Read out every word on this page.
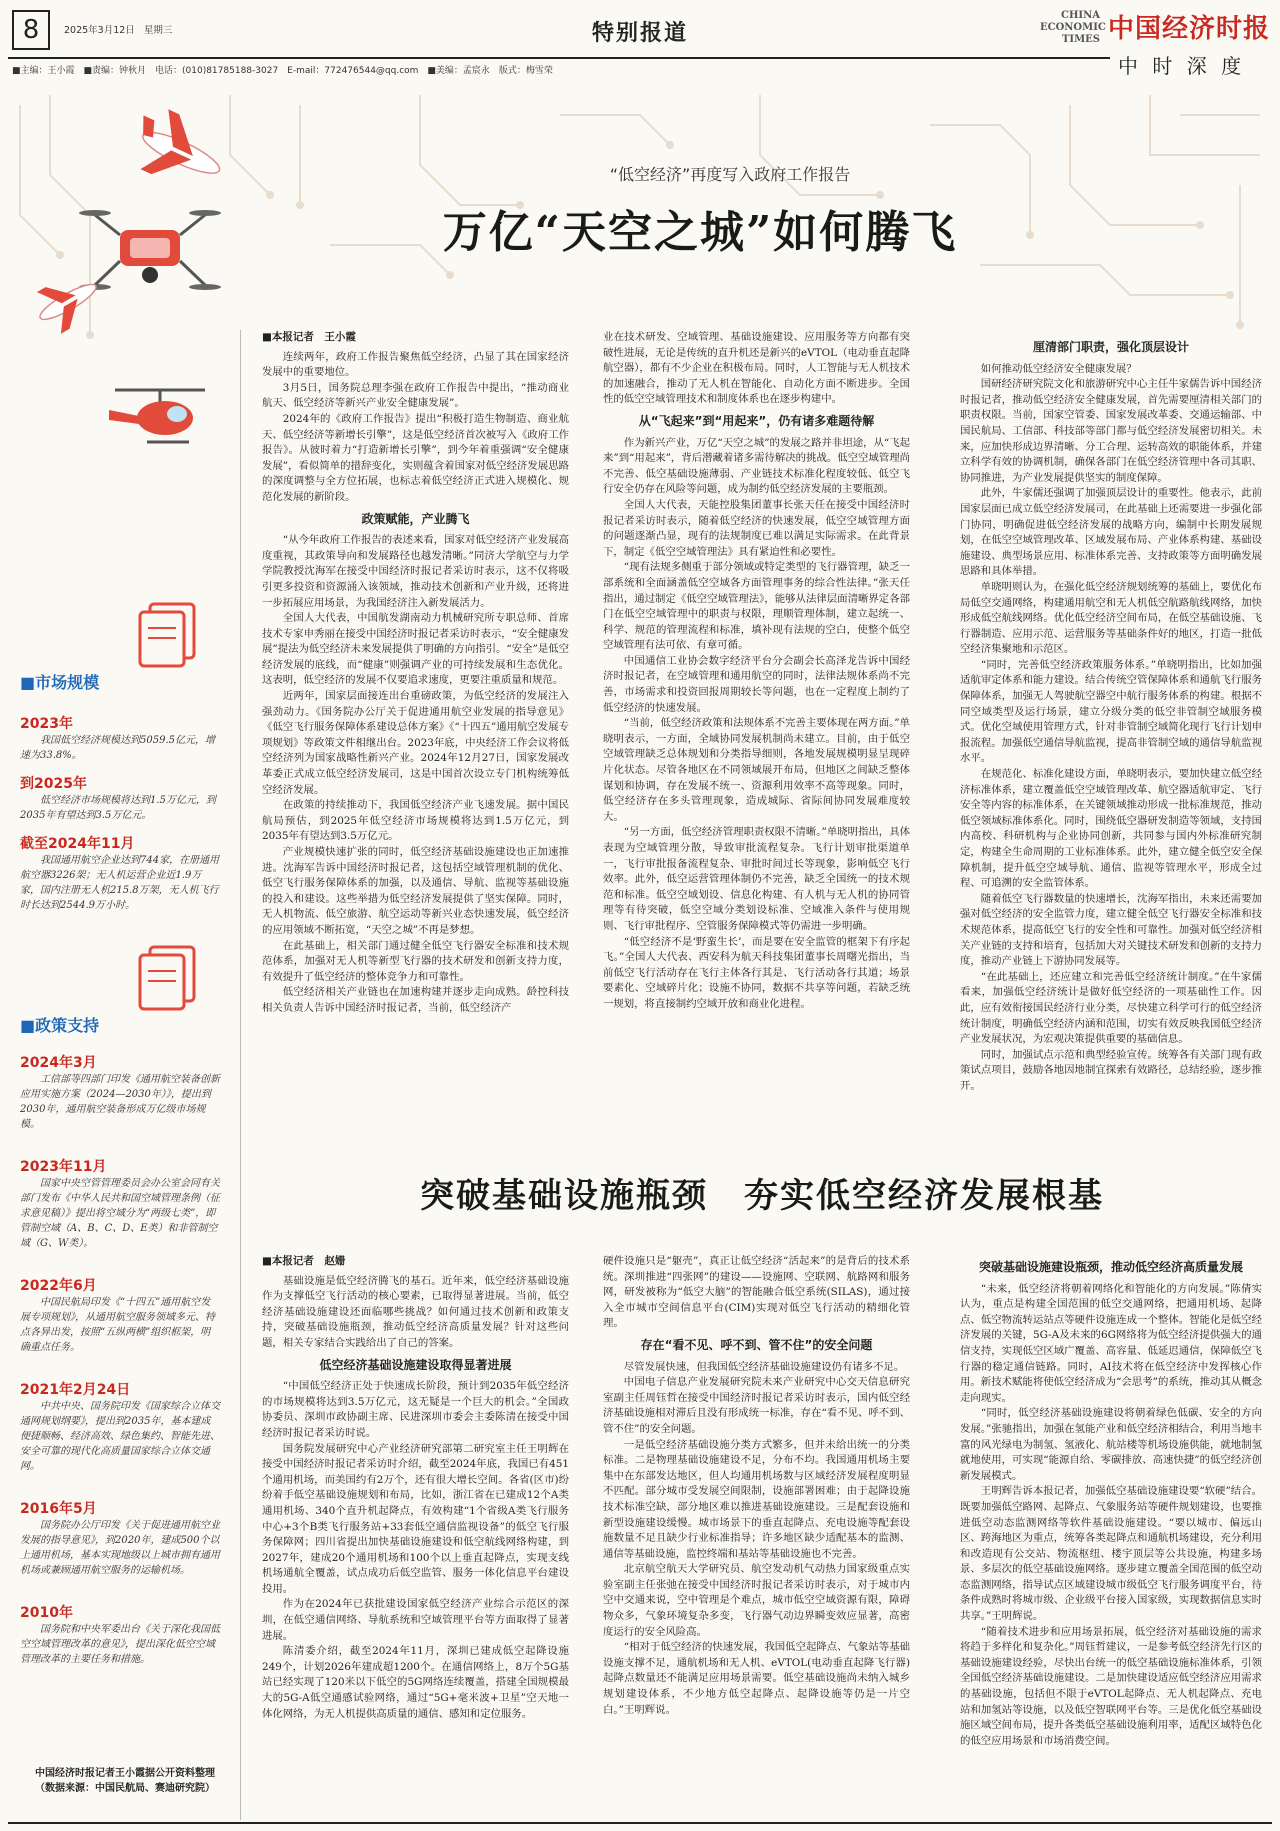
8	2025年3月12日 星期三	特别报道
CHINA
ECONOMIC
TIMES 中国经济时报
中 时 深 度
■主编：王小霞　■责编：钟秋月　电话：(010)81785188-3027　E-mail：772476544@qq.com　■美编：孟宸永　版式：梅雪荣
“低空经济”再度写入政府工作报告
万亿“天空之城”如何腾飞
■市场规模
2023年
我国低空经济规模达到5059.5亿元，增速为33.8%。
到2025年
低空经济市场规模将达到1.5万亿元，到2035年有望达到3.5万亿元。
截至2024年11月
我国通用航空企业达到744家，在册通用航空器3226架；无人机运营企业近1.9万家，国内注册无人机215.8万架，无人机飞行时长达到2544.9万小时。
■政策支持
2024年3月
工信部等四部门印发《通用航空装备创新应用实施方案（2024—2030年）》，提出到2030年，通用航空装备形成万亿级市场规模。
2023年11月
国家中央空管管理委员会办公室会同有关部门发布《中华人民共和国空域管理条例（征求意见稿）》提出将空域分为“两级七类”，即管制空域（A、B、C、D、E类）和非管制空域（G、W类）。
2022年6月
中国民航局印发《“十四五”通用航空发展专项规划》，从通用航空服务领域多元、特点各异出发，按照“五纵两横”组织框架，明确重点任务。
2021年2月24日
中共中央、国务院印发《国家综合立体交通网规划纲要》，提出到2035年，基本建成便捷顺畅、经济高效、绿色集约、智能先进、安全可靠的现代化高质量国家综合立体交通网。
2016年5月
国务院办公厅印发《关于促进通用航空业发展的指导意见》，到2020年，建成500个以上通用机场，基本实现地级以上城市拥有通用机场或兼顾通用航空服务的运输机场。
2010年
国务院和中央军委出台《关于深化我国低空空域管理改革的意见》，提出深化低空空域管理改革的主要任务和措施。
中国经济时报记者王小霞据公开资料整理
（数据来源：中国民航局、赛迪研究院）
■本报记者　王小霞

连续两年，政府工作报告聚焦低空经济，凸显了其在国家经济发展中的重要地位。

3月5日，国务院总理李强在政府工作报告中提出，“推动商业航天、低空经济等新兴产业安全健康发展”。

2024年的《政府工作报告》提出“积极打造生物制造、商业航天、低空经济等新增长引擎”，这是低空经济首次被写入《政府工作报告》。从彼时着力“打造新增长引擎”，到今年着重强调“安全健康发展”，看似简单的措辞变化，实则蕴含着国家对低空经济发展思路的深度调整与全方位拓展，也标志着低空经济正式进入规模化、规范化发展的新阶段。

政策赋能，产业腾飞

“从今年政府工作报告的表述来看，国家对低空经济产业发展高度重视，其政策导向和发展路径也越发清晰。”同济大学航空与力学学院教授沈海军在接受中国经济时报记者采访时表示，这不仅将吸引更多投资和资源涌入该领域，推动技术创新和产业升级，还将进一步拓展应用场景，为我国经济注入新发展活力。

全国人大代表，中国航发湖南动力机械研究所专职总师、首席技术专家申秀丽在接受中国经济时报记者采访时表示，“安全健康发展”提法为低空经济未来发展提供了明确的方向指引。“安全”是低空经济发展的底线，而“健康”则强调产业的可持续发展和生态优化。这表明，低空经济的发展不仅要追求速度，更要注重质量和规范。

近两年，国家层面接连出台重磅政策，为低空经济的发展注入强劲动力。《国务院办公厅关于促进通用航空业发展的指导意见》《低空飞行服务保障体系建设总体方案》《“十四五”通用航空发展专项规划》等政策文件相继出台。2023年底，中央经济工作会议将低空经济列为国家战略性新兴产业。2024年12月27日，国家发展改革委正式成立低空经济发展司，这是中国首次设立专门机构统筹低空经济发展。

在政策的持续推动下，我国低空经济产业飞速发展。据中国民航局预估，到2025年低空经济市场规模将达到1.5万亿元，到2035年有望达到3.5万亿元。

产业规模快速扩张的同时，低空经济基础设施建设也正加速推进。沈海军告诉中国经济时报记者，这包括空域管理机制的优化、低空飞行服务保障体系的加强，以及通信、导航、监视等基础设施的投入和建设。这些举措为低空经济发展提供了坚实保障。同时，无人机物流、低空旅游、航空运动等新兴业态快速发展，低空经济的应用领域不断拓宽，“天空之城”不再是梦想。

在此基础上，相关部门通过健全低空飞行器安全标准和技术规范体系，加强对无人机等新型飞行器的技术研发和创新支持力度，有效提升了低空经济的整体竞争力和可靠性。

低空经济相关产业链也在加速构建并逐步走向成熟。龄控科技相关负责人告诉中国经济时报记者，当前，低空经济产

业在技术研发、空域管理、基础设施建设、应用服务等方向都有突破性进展，无论是传统的直升机还是新兴的eVTOL（电动垂直起降航空器），都有不少企业在积极布局。同时，人工智能与无人机技术的加速融合，推动了无人机在智能化、自动化方面不断进步。全国性的低空空域管理技术和制度体系也在逐步构建中。

从“飞起来”到“用起来”，仍有诸多难题待解

作为新兴产业，万亿“天空之城”的发展之路并非坦途，从“飞起来”到“用起来”，背后潜藏着诸多需待解决的挑战。低空空域管理尚不完善、低空基础设施薄弱、产业链技术标准化程度较低、低空飞行安全仍存在风险等问题，成为制约低空经济发展的主要瓶颈。

全国人大代表，天能控股集团董事长张天任在接受中国经济时报记者采访时表示，随着低空经济的快速发展，低空空域管理方面的问题逐渐凸显，现有的法规制度已难以满足实际需求。在此背景下，制定《低空空域管理法》具有紧迫性和必要性。

“现有法规多侧重于部分领域或特定类型的飞行器管理，缺乏一部系统和全面涵盖低空空域各方面管理事务的综合性法律。”张天任指出，通过制定《低空空域管理法》，能够从法律层面清晰界定各部门在低空空域管理中的职责与权限，理顺管理体制，建立起统一、科学、规范的管理流程和标准，填补现有法规的空白，使整个低空空域管理有法可依、有章可循。

中国通信工业协会数字经济平台分会副会长高泽龙告诉中国经济时报记者，在空域管理和通用航空的同时，法律法规体系尚不完善，市场需求和投资回报周期较长等问题，也在一定程度上制约了低空经济的快速发展。

“当前，低空经济政策和法规体系不完善主要体现在两方面。”单晓明表示，一方面，全域协同发展机制尚未建立。目前，由于低空空域管理缺乏总体规划和分类指导细则，各地发展规模明显呈现碎片化状态。尽管各地区在不同领域展开布局，但地区之间缺乏整体谋划和协调，存在发展不统一、资源利用效率不高等现象。同时，低空经济存在多头管理现象，造成城际、省际间协同发展难度较大。

“另一方面，低空经济管理职责权限不清晰。”单晓明指出，具体表现为空域管理分散，导致审批流程复杂。飞行计划审批渠道单一，飞行审批报备流程复杂、审批时间过长等现象，影响低空飞行效率。此外，低空运营管理体制仍不完善，缺乏全国统一的技术规范和标准。低空空域划设、信息化构建、有人机与无人机的协同管理等有待突破，低空空域分类划设标准、空域准入条件与使用规则、飞行审批程序、空管服务保障模式等仍需进一步明确。

“低空经济不是‘野蛮生长’，而是要在安全监管的框架下有序起飞。”全国人大代表、西安科为航天科技集团董事长周曙光指出，当前低空飞行活动存在飞行主体各行其是、飞行活动各行其道；场景要素化、空域碎片化；设施不协同，数据不共享等问题，若缺乏统一规划，将直接制约空域开放和商业化进程。

厘清部门职责，强化顶层设计

如何推动低空经济安全健康发展？

国研经济研究院文化和旅游研究中心主任牛家儒告诉中国经济时报记者，推动低空经济安全健康发展，首先需要厘清相关部门的职责权限。当前，国家空管委、国家发展改革委、交通运输部、中国民航局、工信部、科技部等部门都与低空经济发展密切相关。未来，应加快形成边界清晰、分工合理、运转高效的职能体系，并建立科学有效的协调机制，确保各部门在低空经济管理中各司其职、协同推进，为产业发展提供坚实的制度保障。

此外，牛家儒还强调了加强顶层设计的重要性。他表示，此前国家层面已成立低空经济发展司，在此基础上还需要进一步强化部门协同，明确促进低空经济发展的战略方向，编制中长期发展规划，在低空空域管理改革、区域发展布局、产业体系构建、基础设施建设、典型场景应用、标准体系完善、支持政策等方面明确发展思路和具体举措。

单晓明则认为，在强化低空经济规划统筹的基础上，要优化布局低空交通网络，构建通用航空和无人机低空航路航线网络，加快形成低空航线网络。优化低空经济空间布局，在低空基础设施、飞行器制造、应用示范、运营服务等基础条件好的地区，打造一批低空经济集聚地和示范区。

“同时，完善低空经济政策服务体系。”单晓明指出，比如加强适航审定体系和能力建设。结合传统空管保障体系和通航飞行服务保障体系，加强无人驾驶航空器空中航行服务体系的构建。根据不同空域类型及运行场景，建立分级分类的低空非管制空域服务模式。优化空域使用管理方式，针对非管制空域简化现行飞行计划申报流程。加强低空通信导航监视，提高非管制空域的通信导航监视水平。

在规范化、标准化建设方面，单晓明表示，要加快建立低空经济标准体系，建立覆盖低空空域管理改革、航空器适航审定、飞行安全等内容的标准体系，在关键领域推动形成一批标准规范，推动低空领域标准体系化。同时，围绕低空器研发制造等领域，支持国内高校、科研机构与企业协同创新，共同参与国内外标准研究制定，构建全生命周期的工业标准体系。此外，建立健全低空安全保障机制，提升低空空域导航、通信、监视等管理水平，形成全过程、可追溯的安全监管体系。

随着低空飞行器数量的快速增长，沈海军指出，未来还需要加强对低空经济的安全监管力度，建立健全低空飞行器安全标准和技术规范体系，提高低空飞行的安全性和可靠性。加强对低空经济相关产业链的支持和培育，包括加大对关键技术研发和创新的支持力度，推动产业链上下游协同发展等。

“在此基础上，还应建立和完善低空经济统计制度。”在牛家儒看来，加强低空经济统计是做好低空经济的一项基础性工作。因此，应有效衔接国民经济行业分类，尽快建立科学可行的低空经济统计制度，明确低空经济内涵和范围，切实有效反映我国低空经济产业发展状况，为宏观决策提供重要的基础信息。

同时，加强试点示范和典型经验宣传。统筹各有关部门现有政策试点项目，鼓励各地因地制宜探索有效路径，总结经验，逐步推开。

突破基础设施瓶颈　夯实低空经济发展根基
■本报记者　赵姗

基础设施是低空经济腾飞的基石。近年来，低空经济基础设施作为支撑低空飞行活动的核心要素，已取得显著进展。当前，低空经济基础设施建设还面临哪些挑战？如何通过技术创新和政策支持，突破基础设施瓶颈，推动低空经济高质量发展？针对这些问题，相关专家结合实践给出了自己的答案。

低空经济基础设施建设取得显著进展

“中国低空经济正处于快速成长阶段，预计到2035年低空经济的市场规模将达到3.5万亿元，这无疑是一个巨大的机会。”全国政协委员、深圳市政协副主席、民进深圳市委会主委陈清在接受中国经济时报记者采访时说。

国务院发展研究中心产业经济研究部第二研究室主任王明辉在接受中国经济时报记者采访时介绍，截至2024年底，我国已有451个通用机场，而美国约有2万个，还有很大增长空间。各省(区市)纷纷着手低空基础设施规划和布局，比如，浙江省在已建成12个A类通用机场、340个直升机起降点，有效构建“1个省级A类飞行服务中心+3个B类飞行服务站+33套低空通信监视设备”的低空飞行服务保障网；四川省提出加快基础设施建设和低空航线网络构建，到2027年，建成20个通用机场和100个以上垂直起降点，实现支线机场通航全覆盖，试点成功后低空监管、服务一体化信息平台建设投用。

作为在2024年已获批建设国家低空经济产业综合示范区的深圳，在低空通信网络、导航系统和空域管理平台等方面取得了显著进展。

陈清委介绍，截至2024年11月，深圳已建成低空起降设施249个，计划2026年建成超1200个。在通信网络上，8万个5G基站已经实现了120米以下低空的5G网络连续覆盖，搭建全国规模最大的5G-A低空通感试验网络，通过“5G+毫米波+卫星”空天地一体化网络，为无人机提供高质量的通信、感知和定位服务。

硬件设施只是“躯壳”，真正让低空经济“活起来”的是背后的技术系统。深圳推进“四张网”的建设——设施网、空联网、航路网和服务网，研发被称为“低空大脑”的智能融合低空系统(SILAS)，通过接入全市城市空间信息平台(CIM)实现对低空飞行活动的精细化管理。

存在“看不见、呼不到、管不住”的安全问题

尽管发展快速，但我国低空经济基础设施建设仍有诸多不足。

中国电子信息产业发展研究院未来产业研究中心交天信息研究室副主任周钰哲在接受中国经济时报记者采访时表示，国内低空经济基础设施相对滞后且没有形成统一标准，存在“看不见、呼不到、管不住”的安全问题。

一是低空经济基础设施分类方式繁多，但并未给出统一的分类标准。二是物理基础设施建设不足，分布不均。我国通用机场主要集中在东部发达地区，但人均通用机场数与区域经济发展程度明显不匹配。部分城市受发展空间限制，设施部署困难；由于起降设施技术标准空缺，部分地区难以推进基础设施建设。三是配套设施和新型设施建设缓慢。城市场景下的垂直起降点、充电设施等配套设施数量不足且缺少行业标准指导；许多地区缺少适配基本的监测、通信等基础设施，监控终端和基站等基础设施也不完善。

北京航空航天大学研究员、航空发动机气动热力国家级重点实验室副主任张弛在接受中国经济时报记者采访时表示，对于城市内空中交通来说，空中管理是个难点，城市低空空域资源有限，障碍物众多，气象环境复杂多变，飞行器气动边界瞬变效应显著，高密度运行的安全风险高。

“相对于低空经济的快速发展，我国低空起降点、气象站等基础设施支撑不足，通航机场和无人机、eVTOL(电动垂直起降飞行器)起降点数量还不能满足应用场景需要。低空基础设施尚未纳入城乡规划建设体系，不少地方低空起降点、起降设施等仍是一片空白。”王明辉说。

突破基础设施建设瓶颈，推动低空经济高质量发展

“未来，低空经济将朝着网络化和智能化的方向发展。”陈倩实认为，重点是构建全国范围的低空交通网络，把通用机场、起降点、低空物流转运站点等硬件设施连成一个整体。智能化是低空经济发展的关键，5G-A及未来的6G网络将为低空经济提供强大的通信支持，实现低空区域广覆盖、高容量、低延迟通信，保障低空飞行器的稳定通信链路。同时，AI技术将在低空经济中发挥核心作用。新技术赋能将使低空经济成为“会思考”的系统，推动其从概念走向现实。

“同时，低空经济基础设施建设将朝着绿色低碳、安全的方向发展。”张驰指出，加强在氢能产业和低空经济相结合，利用当地丰富的风光绿电为制氢、氢液化、航站楼等机场设施供能，就地制氢就地使用，可实现“能源自给、零碳排放、高速快捷”的低空经济创新发展模式。

王明辉告诉本报记者，加强低空基础设施建设要“软硬”结合。既要加强低空路网、起降点、气象服务站等硬件规划建设，也要推进低空动态监测网络等软件基础设施建设。“要以城市、偏远山区、跨海地区为重点，统筹各类起降点和通航机场建设，充分利用和改造现有公交站、物流枢纽、楼宇顶层等公共设施，构建多场景、多层次的低空基础设施网络。逐步建立覆盖全国范围的低空动态监测网络，指导试点区域建设城市级低空飞行服务调度平台，待条件成熟时将城市级、企业级平台接入国家级，实现数据信息实时共享。”王明辉说。

“随着技术进步和应用场景拓展，低空经济对基础设施的需求将趋于多样化和复杂化。”周钰哲建议，一是参考低空经济先行区的基础设施建设经验，尽快出台统一的低空基础设施标准体系，引领全国低空经济基础设施建设。二是加快建设适应低空经济应用需求的基础设施，包括但不限于eVTOL起降点、无人机起降点、充电站和加氢站等设施，以及低空智联网平台等。三是优化低空基础设施区域空间布局，提升各类低空基础设施利用率，适配区域特色化的低空应用场景和市场消费空间。
